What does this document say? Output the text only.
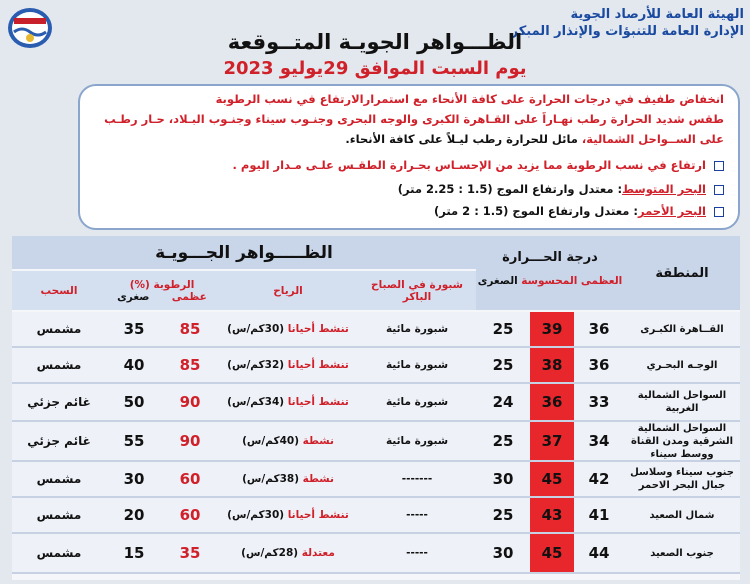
الهيئة العامة للأرصاد الجوية
الإدارة العامة للتنبؤات والإنذار المبكر
الظـــواهر الجويـة المتــوقعة
يوم السبت الموافق 29يوليو 2023
انخفاض طفيف في درجات الحرارة على كافة الأنحاء مع استمرارالارتفاع في نسب الرطوبة
طقس شديد الحرارة رطب نهـاراً على القـاهرة الكبرى والوجه البحرى وجنـوب سيناء وجنـوب البـلاد، حـار رطـب
على الســواحل الشمالية، مائل للحرارة رطب ليـلاً على كافة الأنحاء.
ارتفاع في نسب الرطوبة مما يزيد من الإحسـاس بحـرارة الطقـس علـى مـدار اليوم .
البحر المتوسط: معتدل وارتفاع الموج (1.5 : 2.25 متر)
البحر الأحمر: معتدل وارتفاع الموج (1.5 : 2 متر)
المنطقة
درجة الحـــرارة
العظمى
المحسوسة
الصغرى
الظـــــواهر الجـــويـة
شبورة في الصباح الباكر
الرياح
الرطوبة (%)
عظمى
صغرى
السحب
القــاهرة الكبـرى
36
39
25
شبورة مائية
تنشط أحيانا

(30كم/س)
85
35
مشمس
الوجـه البحـري
36
38
25
شبورة مائية
تنشط أحيانا

(32كم/س)
85
40
مشمس
السواحل الشمالية الغربية
33
36
24
شبورة مائية
تنشط أحيانا

(34كم/س)
90
50
غائم جزئي
السواحل الشمالية الشرقية ومدن القناة ووسط سيناء
34
37
25
شبورة مائية
نشطة

(40كم/س)
90
55
غائم جزئي
جنوب سيناء وسلاسل جبال البحر الاحمر
42
45
30
-------
نشطة

(38كم/س)
60
30
مشمس
شمال الصعيد
41
43
25
-----
تنشط أحيانا

(30كم/س)
60
20
مشمس
جنوب الصعيد
44
45
30
-----
معتدلة

(28كم/س)
35
15
مشمس
